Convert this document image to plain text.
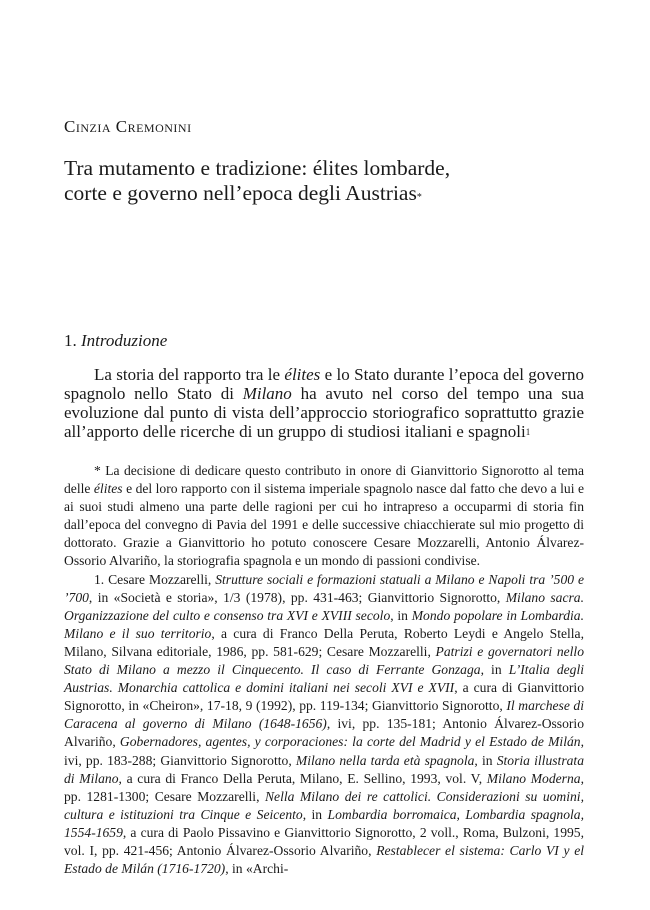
Cinzia Cremonini
Tra mutamento e tradizione: élites lombarde,
corte e governo nell’epoca degli Austrias*
1. Introduzione

La storia del rapporto tra le élites e lo Stato durante l’epoca del governo spagnolo nello Stato di Milano ha avuto nel corso del tempo una sua evoluzione dal punto di vista dell’approccio storiografico soprattutto grazie all’apporto delle ricerche di un gruppo di studiosi italiani e spagnoli$^1$

* La decisione di dedicare questo contributo in onore di Gianvittorio Signorotto al tema delle élites e del loro rapporto con il sistema imperiale spagnolo nasce dal fatto che devo a lui e ai suoi studi almeno una parte delle ragioni per cui ho intrapreso a occuparmi di storia fin dall’epoca del convegno di Pavia del 1991 e delle successive chiacchierate sul mio progetto di dottorato. Grazie a Gianvittorio ho potuto conoscere Cesare Mozzarelli, Antonio Álvarez-Ossorio Alvariño, la storiografia spagnola e un mondo di passioni condivise.

1. Cesare Mozzarelli, Strutture sociali e formazioni statuali a Milano e Napoli tra ’500 e ’700, in «Società e storia», 1/3 (1978), pp. 431-463; Gianvittorio Signorotto, Milano sacra. Organizzazione del culto e consenso tra XVI e XVIII secolo, in Mondo popolare in Lombardia. Milano e il suo territorio, a cura di Franco Della Peruta, Roberto Leydi e Angelo Stella, Milano, Silvana editoriale, 1986, pp. 581-629; Cesare Mozzarelli, Patrizi e governatori nello Stato di Milano a mezzo il Cinquecento. Il caso di Ferrante Gonzaga, in L’Italia degli Austrias. Monarchia cattolica e domini italiani nei secoli XVI e XVII, a cura di Gianvittorio Signorotto, in «Cheiron», 17-18, 9 (1992), pp. 119-134; Gianvittorio Signorotto, Il marchese di Caracena al governo di Milano (1648-1656), ivi, pp. 135-181; Antonio Álvarez-Ossorio Alvariño, Gobernadores, agentes, y corporaciones: la corte del Madrid y el Estado de Milán, ivi, pp. 183-288; Gianvittorio Signorotto, Milano nella tarda età spagnola, in Storia illustrata di Milano, a cura di Franco Della Peruta, Milano, E. Sellino, 1993, vol. V, Milano Moderna, pp. 1281-1300; Cesare Mozzarelli, Nella Milano dei re cattolici. Considerazioni su uomini, cultura e istituzioni tra Cinque e Seicento, in Lombardia borromaica, Lombardia spagnola, 1554-1659, a cura di Paolo Pissavino e Gianvittorio Signorotto, 2 voll., Roma, Bulzoni, 1995, vol. I, pp. 421-456; Antonio Álvarez-Ossorio Alvariño, Restablecer el sistema: Carlo VI y el Estado de Milán (1716-1720), in «Archi-
